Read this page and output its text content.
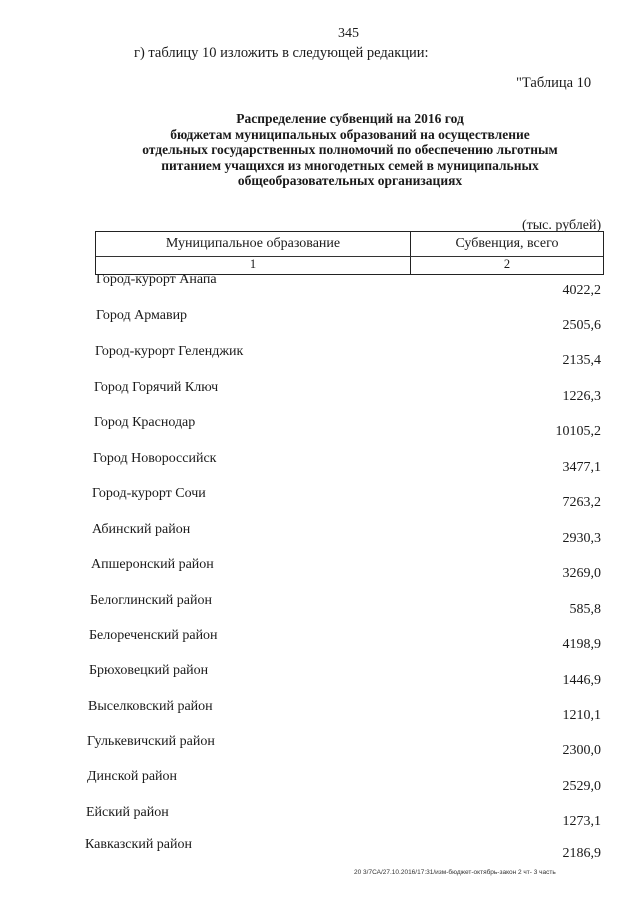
345
г) таблицу 10 изложить в следующей редакции:
"Таблица 10
Распределение субвенций на 2016 год
бюджетам муниципальных образований на осуществление
отдельных государственных полномочий по обеспечению льготным
питанием учащихся из многодетных семей в муниципальных
общеобразовательных организациях
(тыс. рублей)
Муниципальное образование	Субвенция, всего
1	2
Город-курорт Анапа
4022,2
Город Армавир
2505,6
Город-курорт Геленджик
2135,4
Город Горячий Ключ
1226,3
Город Краснодар
10105,2
Город Новороссийск
3477,1
Город-курорт Сочи
7263,2
Абинский район
2930,3
Апшеронский район
3269,0
Белоглинский район
585,8
Белореченский район
4198,9
Брюховецкий район
1446,9
Выселковский район
1210,1
Гулькевичский район
2300,0
Динской район
2529,0
Ейский район
1273,1
Кавказский район
2186,9
20 3/7СА/27.10.2016/17:31/изм-бюджет-октябрь-закон 2 чт- 3 часть
